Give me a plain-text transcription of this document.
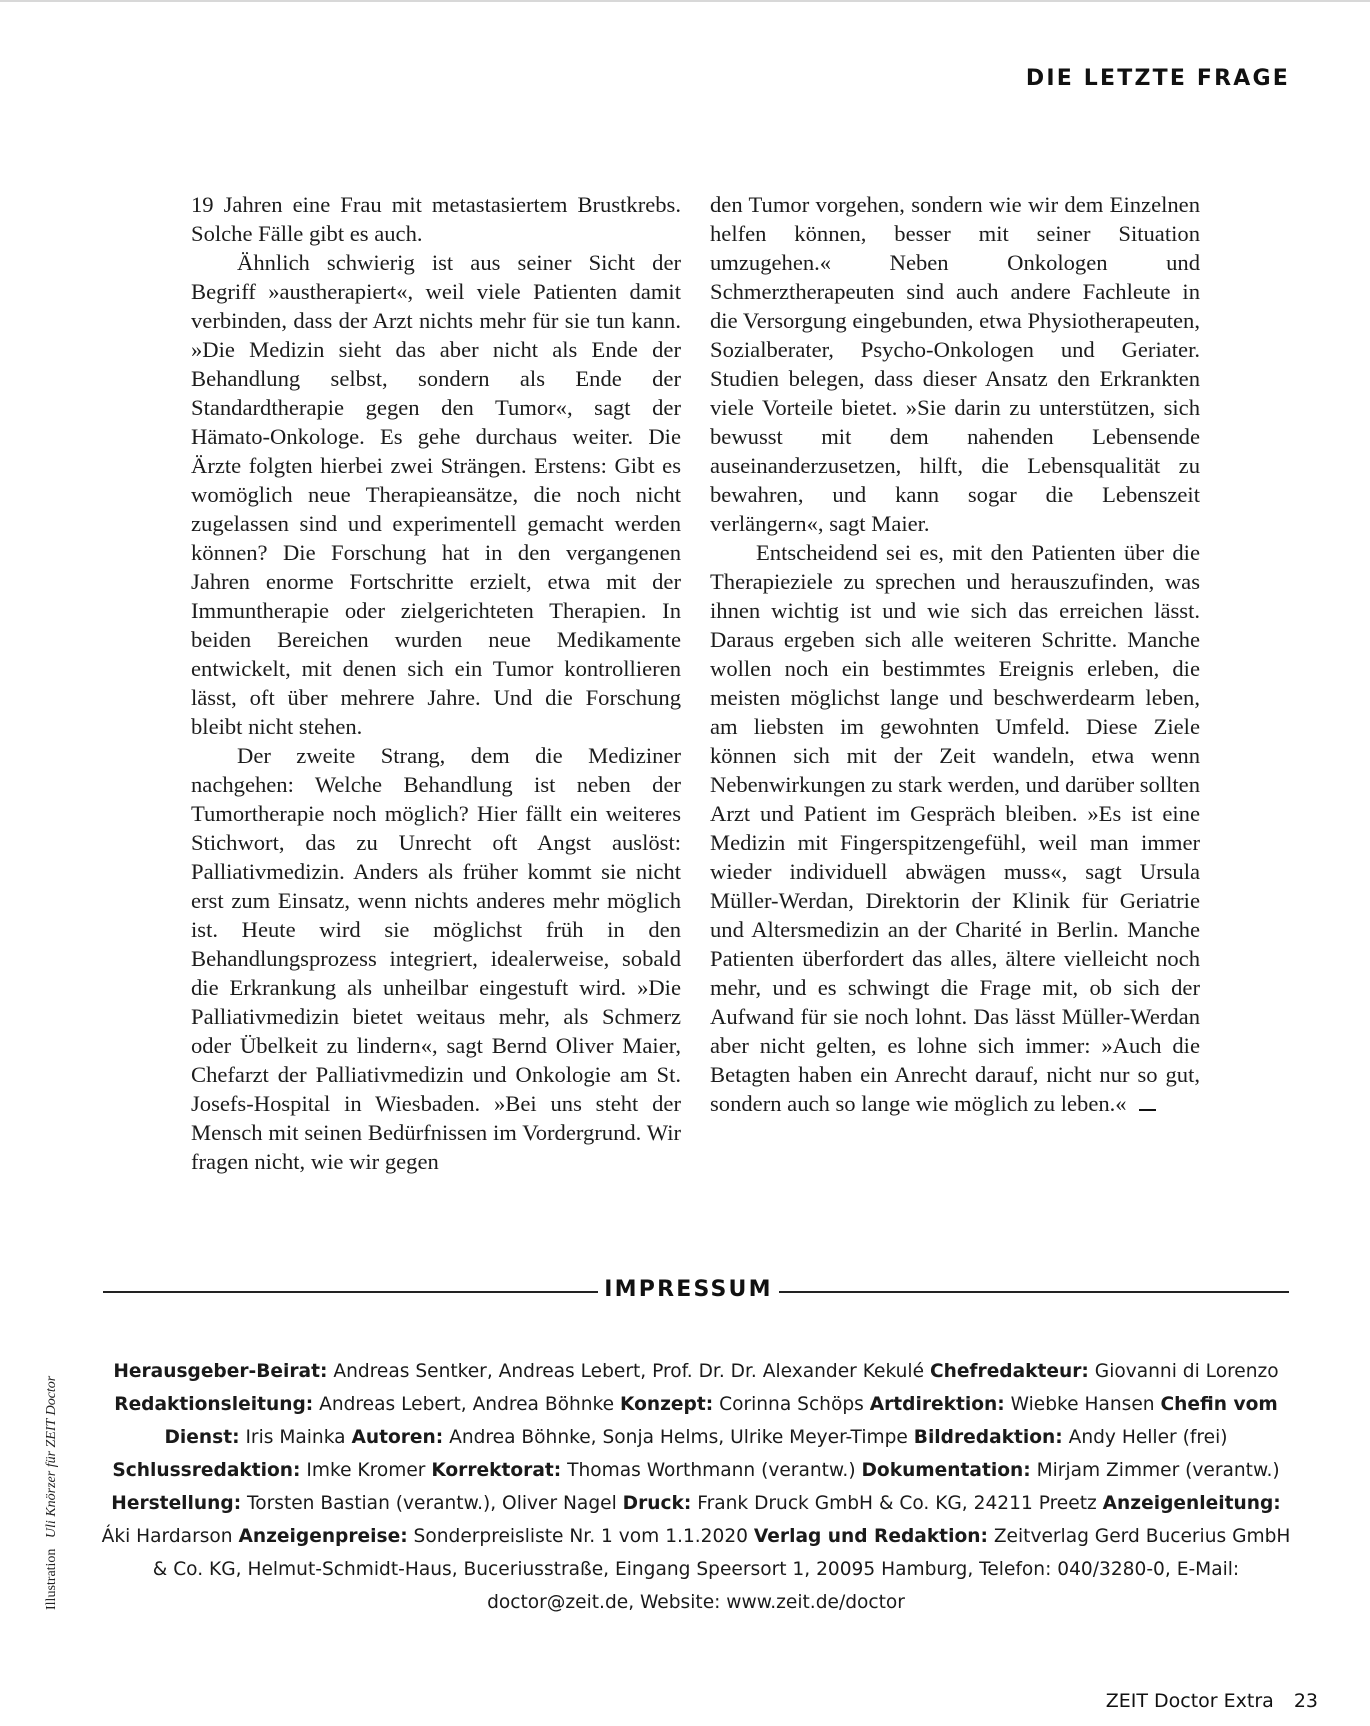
DIE LETZTE FRAGE

19 Jahren eine Frau mit metastasiertem Brustkrebs. Solche Fälle gibt es auch.

Ähnlich schwierig ist aus seiner Sicht der Begriff »austherapiert«, weil viele Patienten damit verbinden, dass der Arzt nichts mehr für sie tun kann. »Die Medizin sieht das aber nicht als Ende der Behandlung selbst, sondern als Ende der Standardtherapie gegen den Tumor«, sagt der Hämato-Onkologe. Es gehe durchaus weiter. Die Ärzte folgten hierbei zwei Strängen. Erstens: Gibt es womöglich neue Therapieansätze, die noch nicht zugelassen sind und experimentell gemacht werden können? Die Forschung hat in den vergangenen Jahren enorme Fortschritte erzielt, etwa mit der Immuntherapie oder zielgerichteten Therapien. In beiden Bereichen wurden neue Medikamente entwickelt, mit denen sich ein Tumor kontrollieren lässt, oft über mehrere Jahre. Und die Forschung bleibt nicht stehen.

Der zweite Strang, dem die Mediziner nachgehen: Welche Behandlung ist neben der Tumortherapie noch möglich? Hier fällt ein weiteres Stichwort, das zu Unrecht oft Angst auslöst: Palliativmedizin. Anders als früher kommt sie nicht erst zum Einsatz, wenn nichts anderes mehr möglich ist. Heute wird sie möglichst früh in den Behandlungsprozess integriert, idealerweise, sobald die Erkrankung als unheilbar eingestuft wird. »Die Palliativmedizin bietet weitaus mehr, als Schmerz oder Übelkeit zu lindern«, sagt Bernd Oliver Maier, Chefarzt der Palliativmedizin und Onkologie am St. Josefs-Hospital in Wiesbaden. »Bei uns steht der Mensch mit seinen Bedürfnissen im Vordergrund. Wir fragen nicht, wie wir gegen

den Tumor vorgehen, sondern wie wir dem Einzelnen helfen können, besser mit seiner Situation umzugehen.« Neben Onkologen und Schmerztherapeuten sind auch andere Fachleute in die Versorgung eingebunden, etwa Physiotherapeuten, Sozialberater, Psycho-Onkologen und Geriater. Studien belegen, dass dieser Ansatz den Erkrankten viele Vorteile bietet. »Sie darin zu unterstützen, sich bewusst mit dem nahenden Lebensende auseinanderzusetzen, hilft, die Lebensqualität zu bewahren, und kann sogar die Lebenszeit verlängern«, sagt Maier.

Entscheidend sei es, mit den Patienten über die Therapieziele zu sprechen und herauszufinden, was ihnen wichtig ist und wie sich das erreichen lässt. Daraus ergeben sich alle weiteren Schritte. Manche wollen noch ein bestimmtes Ereignis erleben, die meisten möglichst lange und beschwerdearm leben, am liebsten im gewohnten Umfeld. Diese Ziele können sich mit der Zeit wandeln, etwa wenn Nebenwirkungen zu stark werden, und darüber sollten Arzt und Patient im Gespräch bleiben. »Es ist eine Medizin mit Fingerspitzengefühl, weil man immer wieder individuell abwägen muss«, sagt Ursula Müller-Werdan, Direktorin der Klinik für Geriatrie und Altersmedizin an der Charité in Berlin. Manche Patienten überfordert das alles, ältere vielleicht noch mehr, und es schwingt die Frage mit, ob sich der Aufwand für sie noch lohnt. Das lässt Müller-Werdan aber nicht gelten, es lohne sich immer: »Auch die Betagten haben ein Anrecht darauf, nicht nur so gut, sondern auch so lange wie möglich zu leben.«

IMPRESSUM
Herausgeber-Beirat: Andreas Sentker, Andreas Lebert, Prof. Dr. Dr. Alexander Kekulé Chefredakteur: Giovanni di Lorenzo Redaktionsleitung: Andreas Lebert, Andrea Böhnke Konzept: Corinna Schöps Artdirektion: Wiebke Hansen Chefin vom Dienst: Iris Mainka Autoren: Andrea Böhnke, Sonja Helms, Ulrike Meyer-Timpe Bildredaktion: Andy Heller (frei) Schlussredaktion: Imke Kromer Korrektorat: Thomas Worthmann (verantw.) Dokumentation: Mirjam Zimmer (verantw.) Herstellung: Torsten Bastian (verantw.), Oliver Nagel Druck: Frank Druck GmbH & Co. KG, 24211 Preetz Anzeigenleitung: Áki Hardarson Anzeigenpreise: Sonderpreisliste Nr. 1 vom 1.1.2020 Verlag und Redaktion: Zeitverlag Gerd Bucerius GmbH & Co. KG, Helmut-Schmidt-Haus, Buceriusstraße, Eingang Speersort 1, 20095 Hamburg, Telefon: 040/3280-0, E-Mail: doctor@zeit.de, Website: www.zeit.de/doctor
Illustration   Uli Knörzer für ZEIT Doctor
ZEIT Doctor Extra 23
